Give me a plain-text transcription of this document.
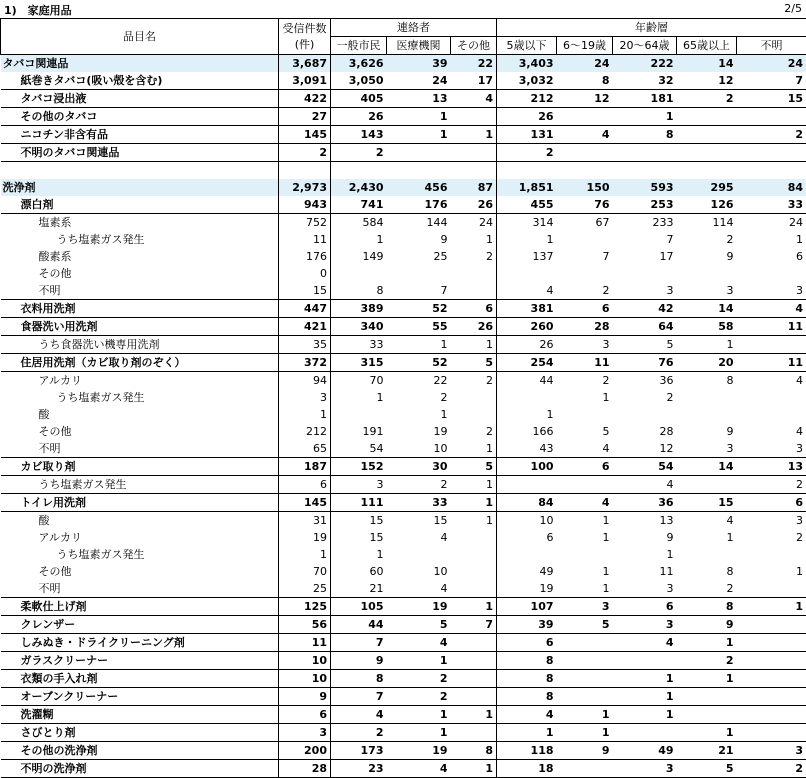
1)　家庭用品	2/5
品目名	受信件数
(件)	連絡者			年齢層				
		一般市民	医療機関	その他	5歳以下	6～19歳	20～64歳	65歳以上	不明
タバコ関連品	3,687	3,626	39	22	3,403	24	222	14	24
紙巻きタバコ(吸い殻を含む)	3,091	3,050	24	17	3,032	8	32	12	7
タバコ浸出液	422	405	13	4	212	12	181	2	15
その他のタバコ	27	26	1		26		1		
ニコチン非含有品	145	143	1	1	131	4	8		2
不明のタバコ関連品	2	2			2				

洗浄剤	2,973	2,430	456	87	1,851	150	593	295	84
漂白剤	943	741	176	26	455	76	253	126	33
塩素系	752	584	144	24	314	67	233	114	24
うち塩素ガス発生	11	1	9	1	1		7	2	1
酸素系	176	149	25	2	137	7	17	9	6
その他	0								
不明	15	8	7		4	2	3	3	3
衣料用洗剤	447	389	52	6	381	6	42	14	4
食器洗い用洗剤	421	340	55	26	260	28	64	58	11
うち食器洗い機専用洗剤	35	33	1	1	26	3	5	1	
住居用洗剤（カビ取り剤のぞく）	372	315	52	5	254	11	76	20	11
アルカリ	94	70	22	2	44	2	36	8	4
うち塩素ガス発生	3	1	2			1	2		
酸	1		1		1				
その他	212	191	19	2	166	5	28	9	4
不明	65	54	10	1	43	4	12	3	3
カビ取り剤	187	152	30	5	100	6	54	14	13
うち塩素ガス発生	6	3	2	1			4		2
トイレ用洗剤	145	111	33	1	84	4	36	15	6
酸	31	15	15	1	10	1	13	4	3
アルカリ	19	15	4		6	1	9	1	2
うち塩素ガス発生	1	1					1		
その他	70	60	10		49	1	11	8	1
不明	25	21	4		19	1	3	2	
柔軟仕上げ剤	125	105	19	1	107	3	6	8	1
クレンザー	56	44	5	7	39	5	3	9	
しみぬき・ドライクリーニング剤	11	7	4		6		4	1	
ガラスクリーナー	10	9	1		8			2	
衣類の手入れ剤	10	8	2		8		1	1	
オーブンクリーナー	9	7	2		8		1		
洗濯糊	6	4	1	1	4	1	1		
さびとり剤	3	2	1		1	1		1	
その他の洗浄剤	200	173	19	8	118	9	49	21	3
不明の洗浄剤	28	23	4	1	18		3	5	2
